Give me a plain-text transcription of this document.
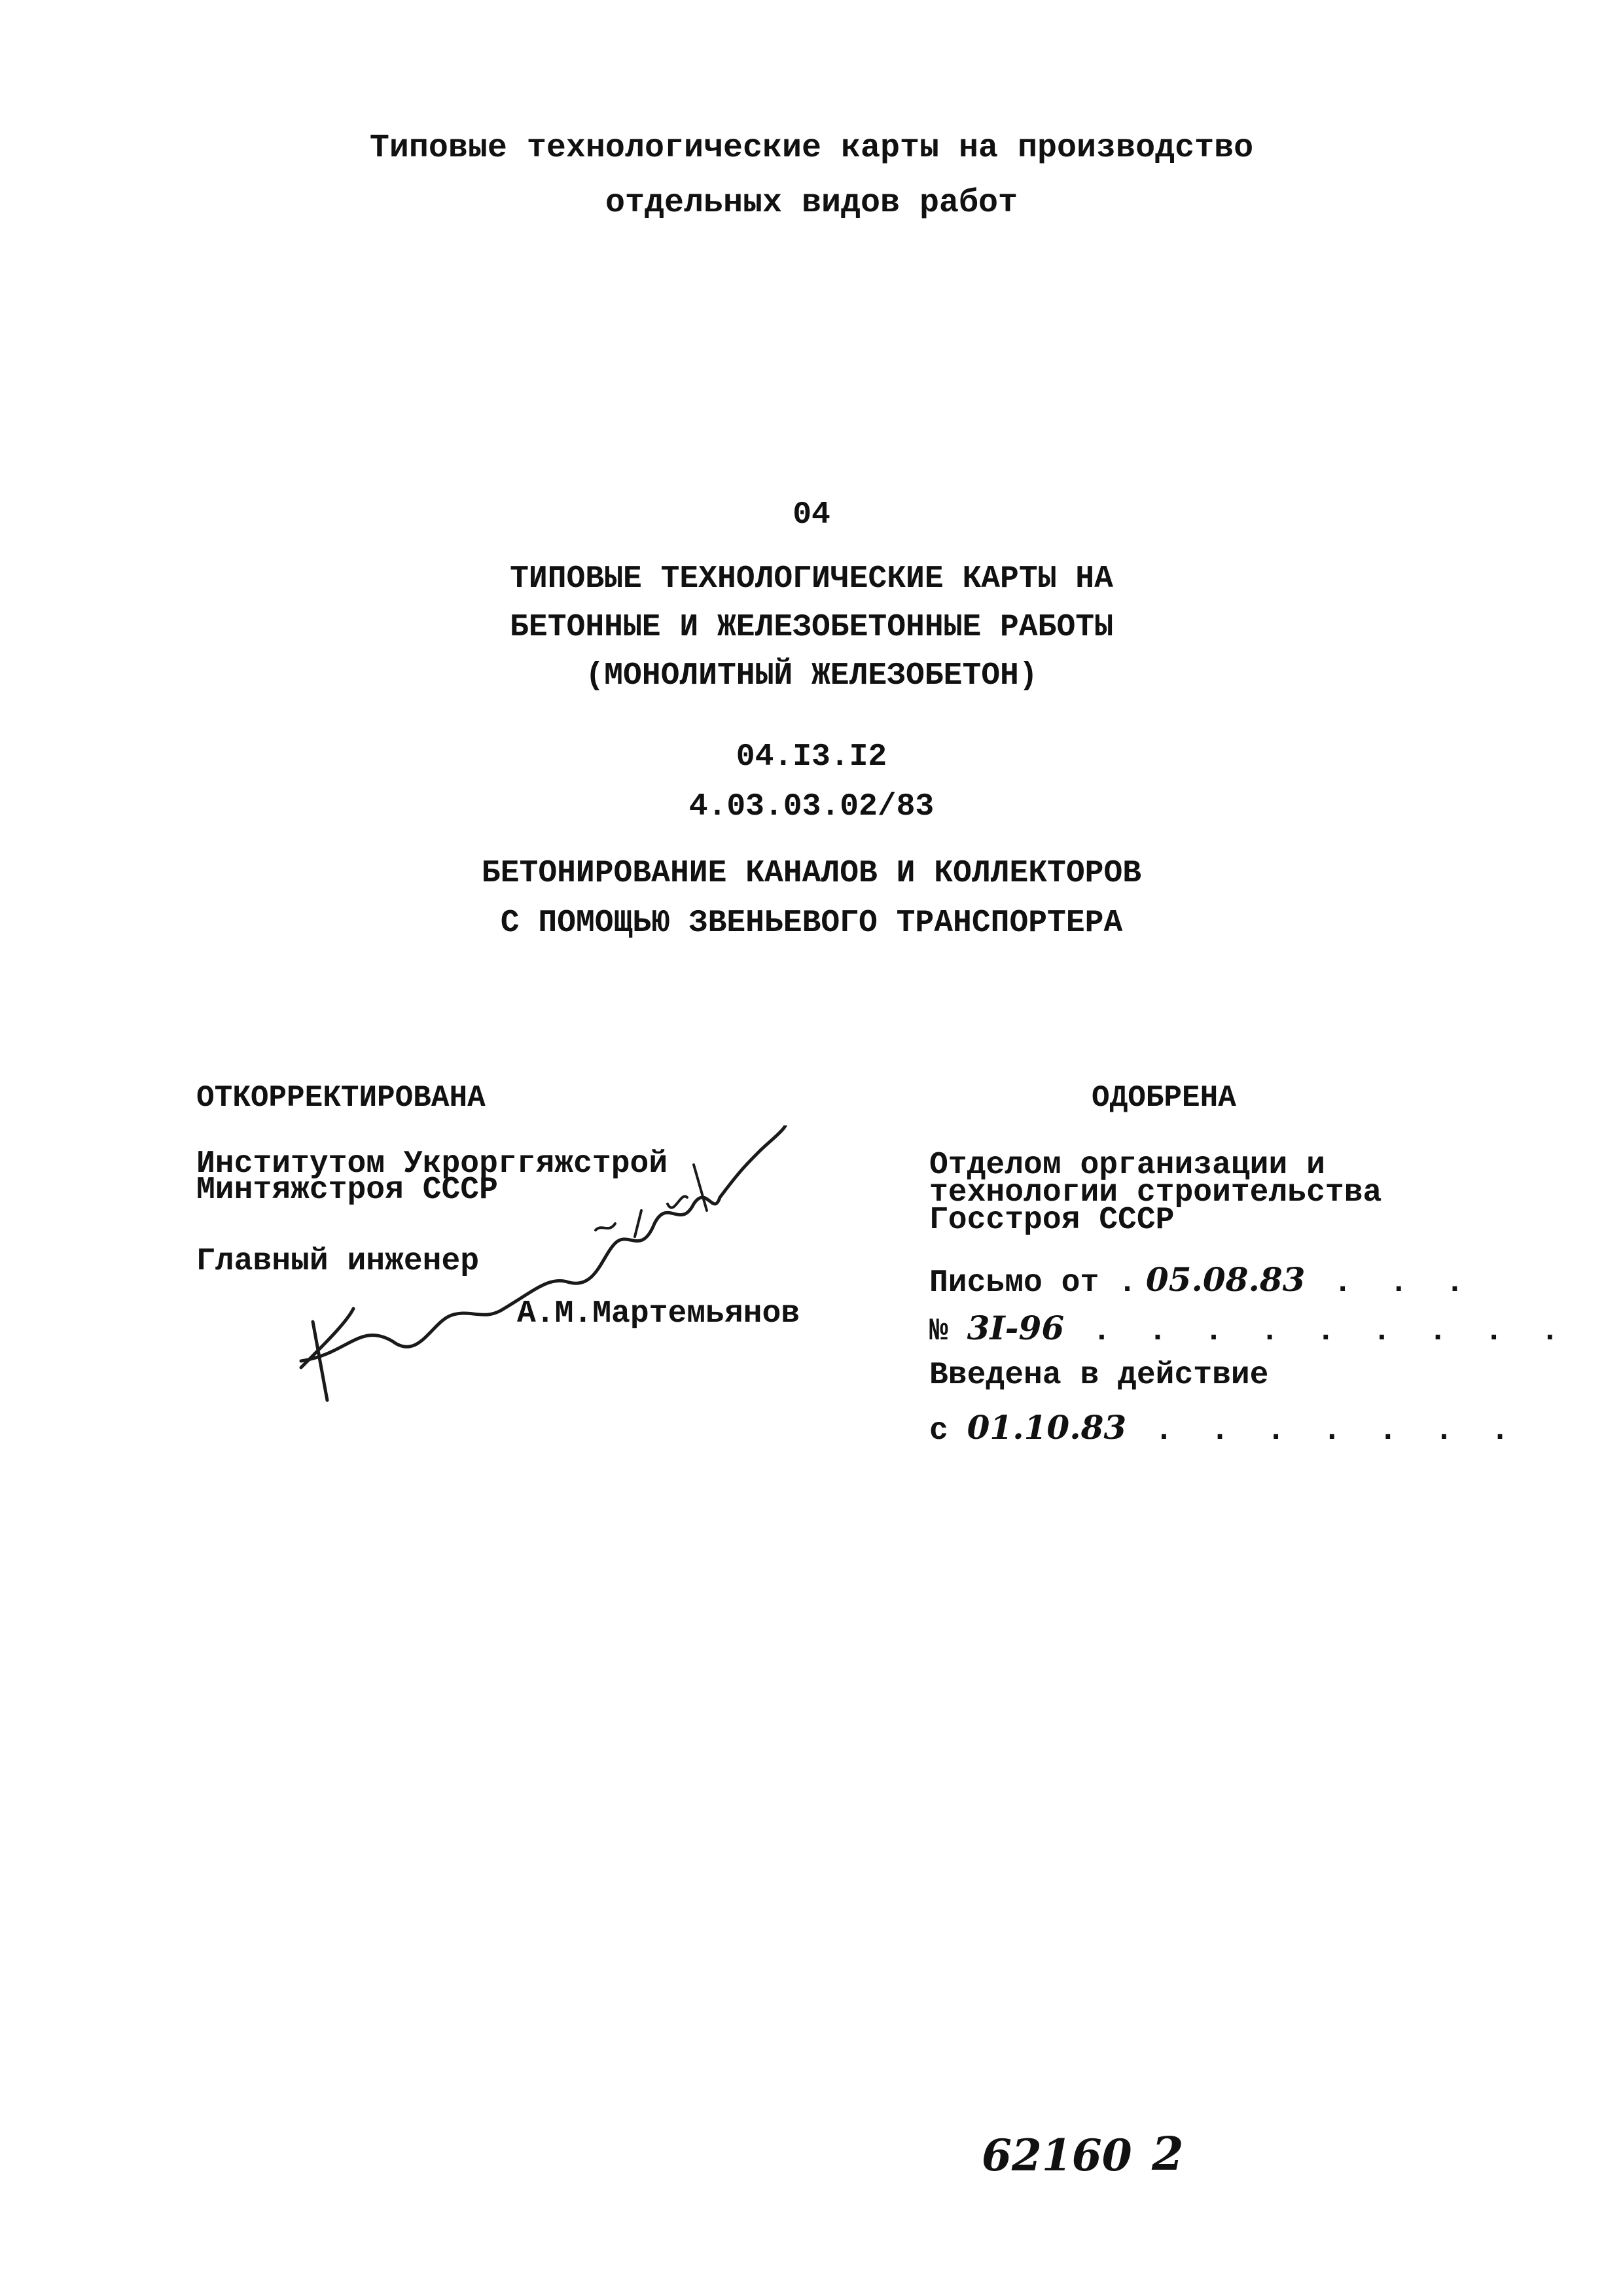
Типовые технологические карты на производство
отдельных видов работ
04
ТИПОВЫЕ ТЕХНОЛОГИЧЕСКИЕ КАРТЫ НА
БЕТОННЫЕ И ЖЕЛЕЗОБЕТОННЫЕ РАБОТЫ
(МОНОЛИТНЫЙ ЖЕЛЕЗОБЕТОН)
04.I3.I2
4.03.03.02/83
БЕТОНИРОВАНИЕ КАНАЛОВ И КОЛЛЕКТОРОВ
С ПОМОЩЬЮ ЗВЕНЬЕВОГО ТРАНСПОРТЕРА
ОТКОРРЕКТИРОВАНА
Институтом Укрорггяжстрой
Минтяжстроя СССР
Главный инженер
А.М.Мартемьянов
ОДОБРЕНА
Отделом организации и
технологии строительства
Госстроя СССР
Письмо от .05.08.83 . . .
№ 3I-96 . . . . . . . . .
Введена в действие
с 01.10.83 . . . . . . .
62160 2
